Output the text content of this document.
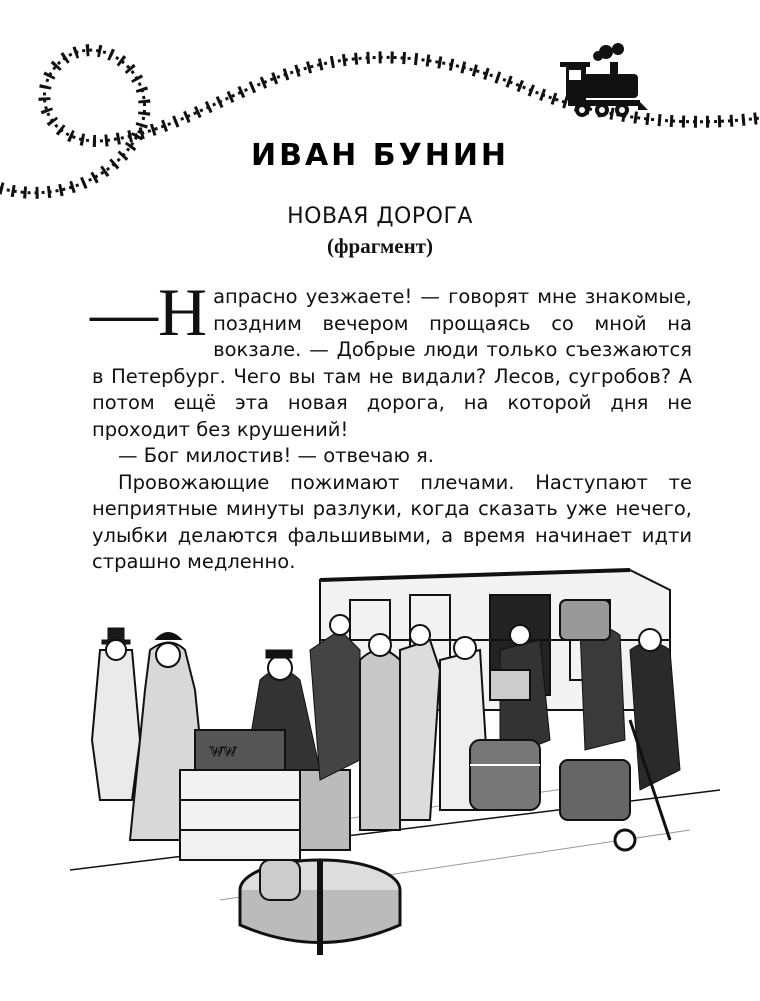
ИВАН БУНИН
НОВАЯ ДОРОГА
(фрагмент)

—Н апрасно уезжаете! — говорят мне знакомые, поздним вечером прощаясь со мной на вокзале. — Добрые люди только съезжаются в Петербург. Чего вы там не видали? Лесов, сугробов? А потом ещё эта новая дорога, на которой дня не проходит без крушений!

— Бог милостив! — отвечаю я.

Провожающие пожимают плечами. Наступают те неприятные минуты разлуки, когда сказать уже нечего, улыбки делаются фальшивыми, а время начинает идти страшно медленно.

WW
